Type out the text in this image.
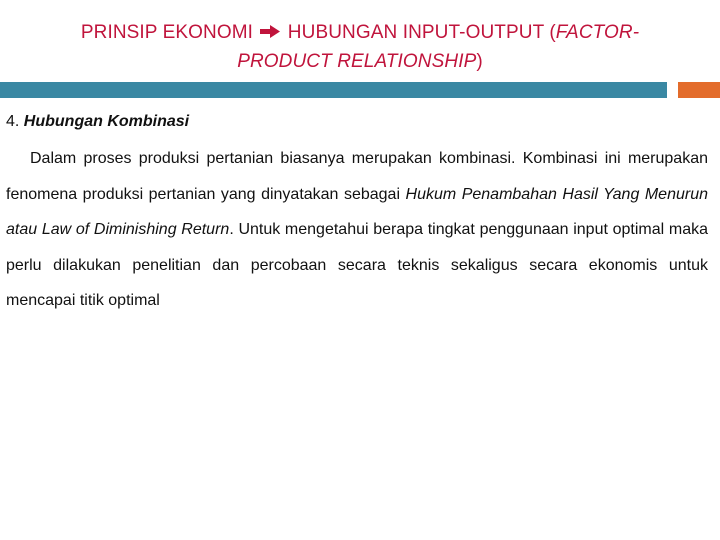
PRINSIP EKONOMI  HUBUNGAN INPUT-OUTPUT (FACTOR-PRODUCT RELATIONSHIP)
4. Hubungan Kombinasi

Dalam proses produksi pertanian biasanya merupakan kombinasi. Kombinasi ini merupakan fenomena produksi pertanian yang dinyatakan sebagai Hukum Penambahan Hasil Yang Menurun atau Law of Diminishing Return. Untuk mengetahui berapa tingkat penggunaan input optimal maka perlu dilakukan penelitian dan percobaan secara teknis sekaligus secara ekonomis untuk mencapai titik optimal
